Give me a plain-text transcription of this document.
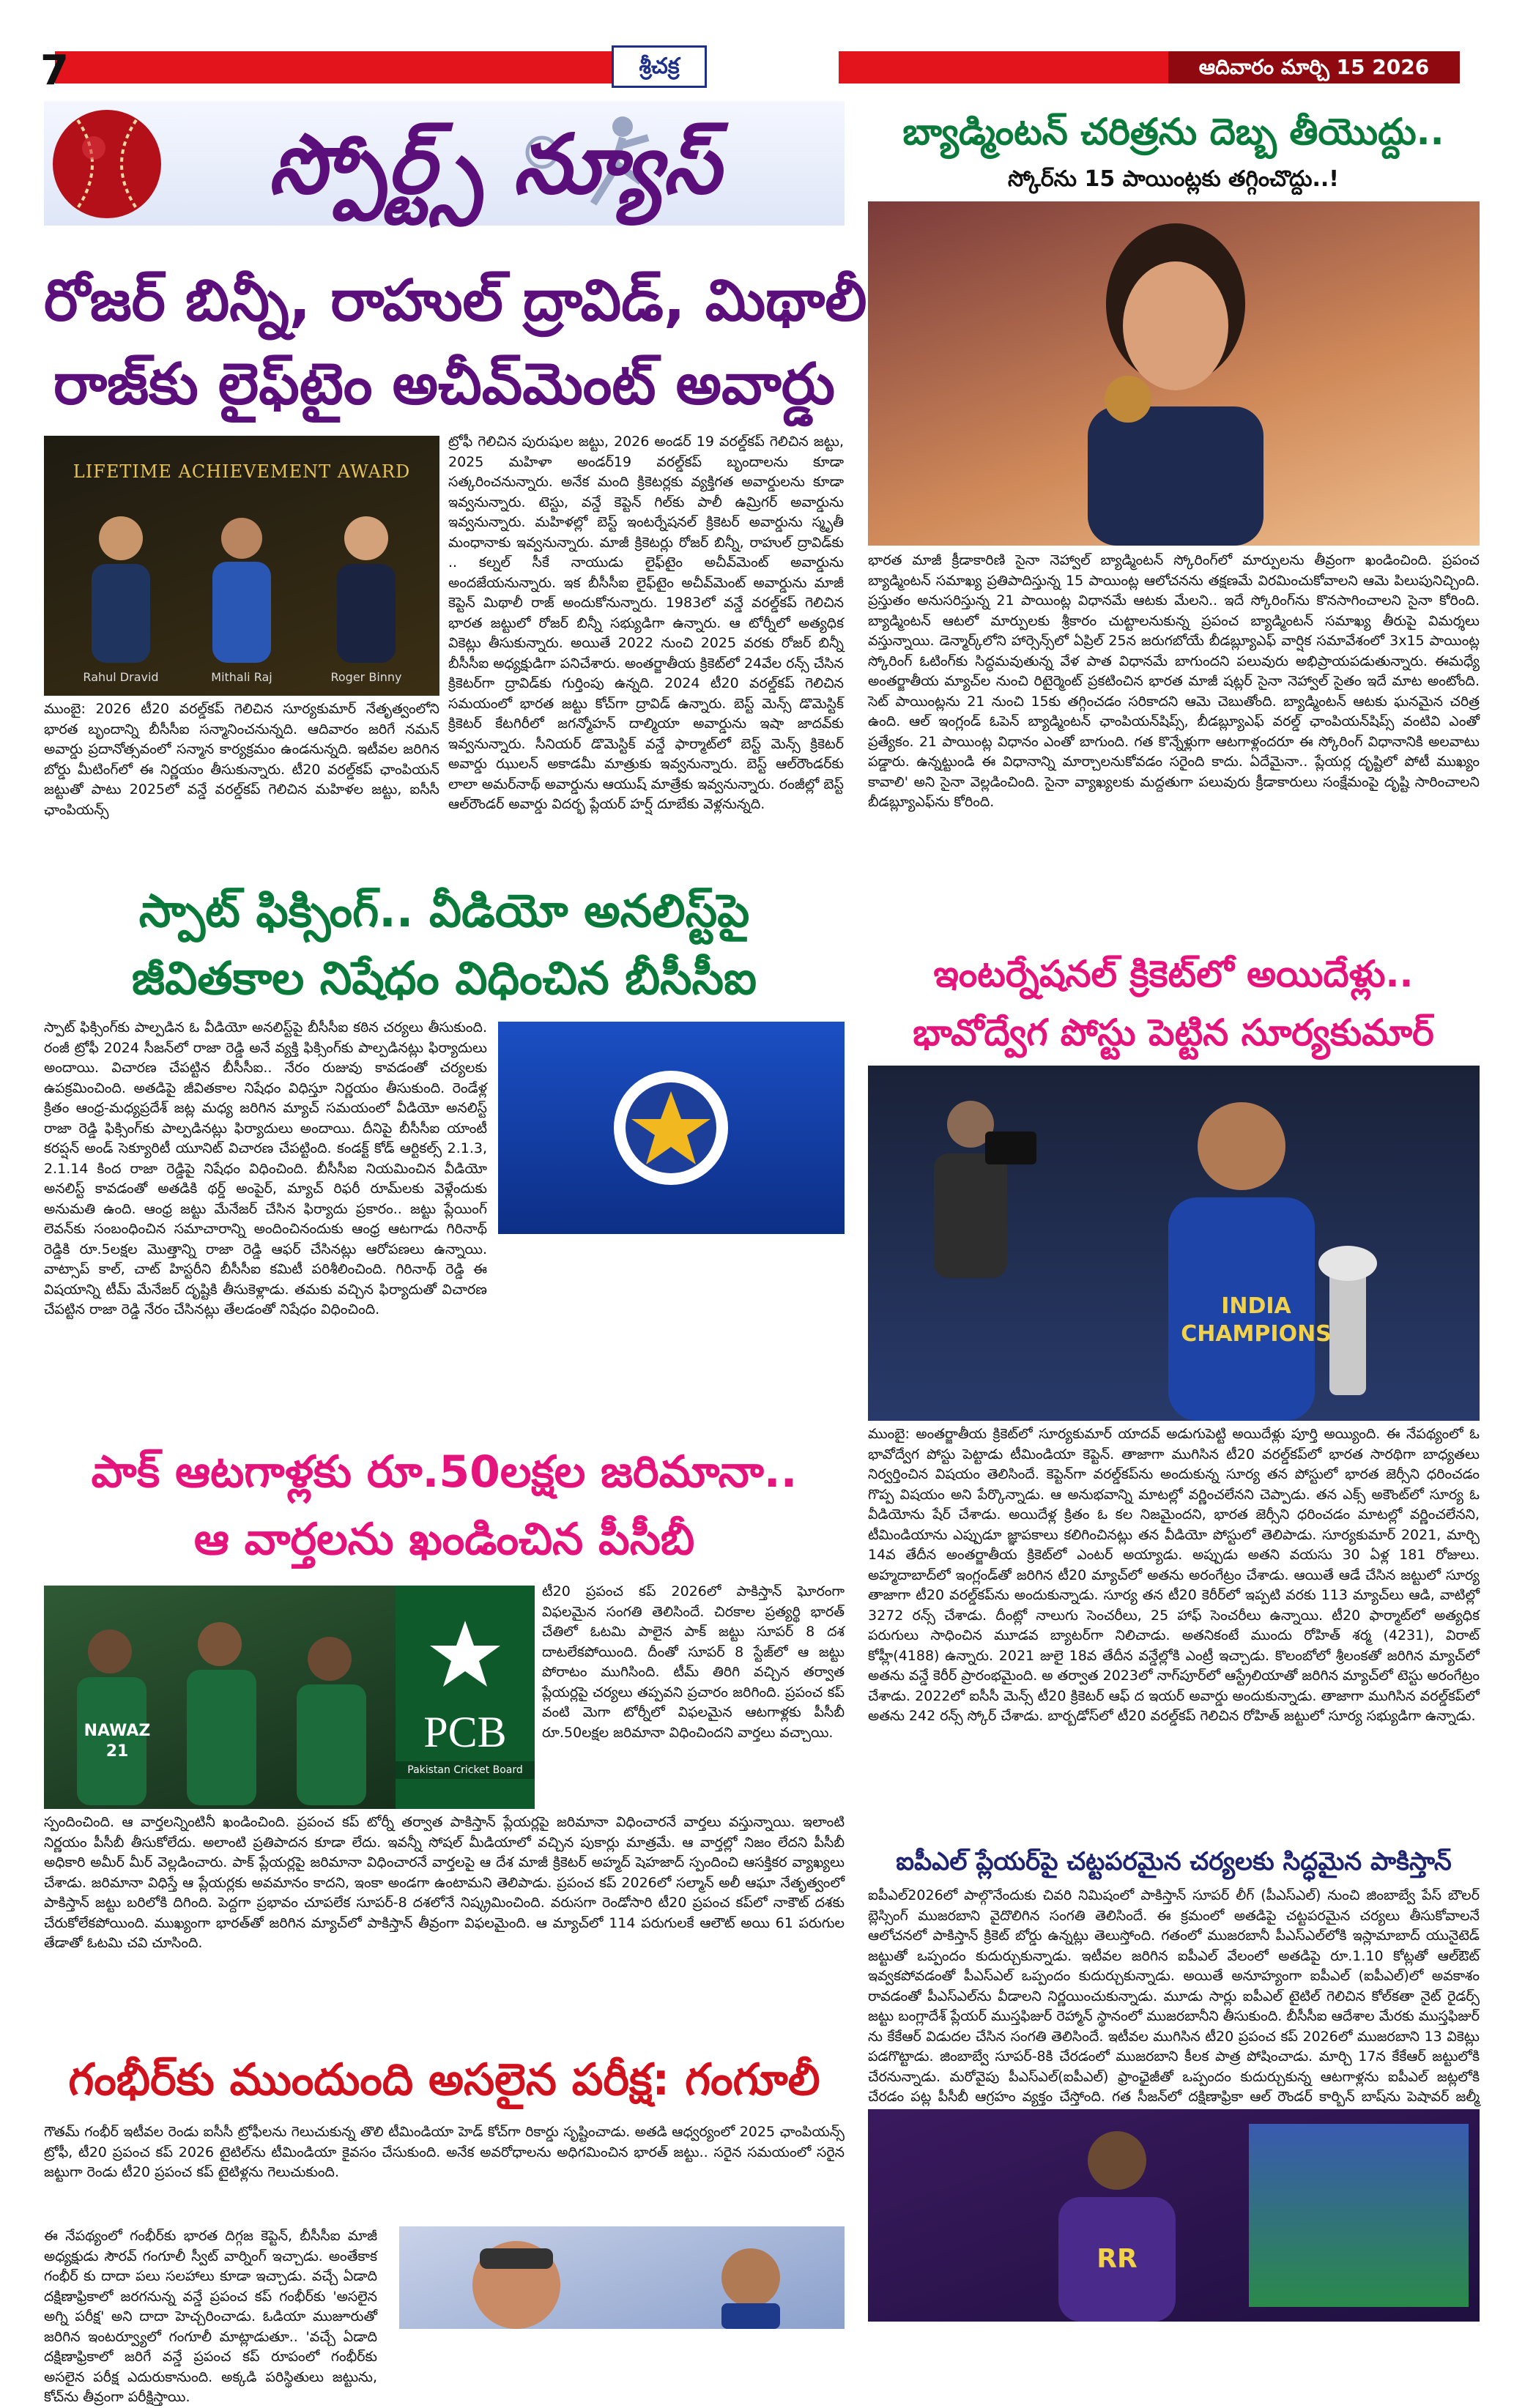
7	శ్రీచక్ర	ఆదివారం మార్చి 15 2026
స్పోర్ట్స్ న్యూస్
రోజర్ బిన్నీ, రాహుల్ ద్రావిడ్, మిథాలీ
రాజ్‌కు లైఫ్‌టైం అచీవ్‌మెంట్ అవార్డు
LIFETIME ACHIEVEMENT AWARD
Rahul Dravid	Mithali Raj	Roger Binny
ట్రోఫీ గెలిచిన పురుషుల జట్టు, 2026 అండర్ 19 వరల్డ్‌కప్ గెలిచిన జట్టు, 2025 మహిళా అండర్‌19 వరల్డ్‌కప్ బృందాలను కూడా సత్కరించనున్నారు. అనేక మంది క్రికెటర్లకు వ్యక్తిగత అవార్డులను కూడా ఇవ్వనున్నారు. టెస్టు, వన్డే కెప్టెన్ గిల్‌కు పాలీ ఉమ్రిగర్ అవార్డును ఇవ్వనున్నారు. మహిళల్లో బెస్ట్ ఇంటర్నేషనల్ క్రికెటర్ అవార్డును స్మృతీ మంధానాకు ఇవ్వనున్నారు. మాజీ క్రికెటర్లు రోజర్ బిన్నీ, రాహుల్ ద్రావిడ్‌కు .. కల్నల్ సీకే నాయుడు లైఫ్‌టైం అచీవ్‌మెంట్ అవార్డును అందజేయనున్నారు. ఇక బీసీసీఐ లైఫ్‌టైం అచీవ్‌మెంట్ అవార్డును మాజీ కెప్టెన్ మిథాలీ రాజ్ అందుకోనున్నారు. 1983లో వన్డే వరల్డ్‌కప్ గెలిచిన భారత జట్టులో రోజర్ బిన్నీ సభ్యుడిగా ఉన్నారు. ఆ టోర్నీలో అత్యధిక వికెట్లు తీసుకున్నారు. అయితే 2022 నుంచి 2025 వరకు రోజర్ బిన్నీ బీసీసీఐ అధ్యక్షుడిగా పనిచేశారు. అంతర్జాతీయ క్రికెట్‌లో 24వేల రన్స్ చేసిన క్రికెటర్‌గా ద్రావిడ్‌కు గుర్తింపు ఉన్నది. 2024 టీ20 వరల్డ్‌కప్ గెలిచిన సమయంలో భారత జట్టు కోచ్‌గా ద్రావిడ్ ఉన్నారు. బెస్ట్ మెన్స్ డొమెస్టిక్ క్రికెటర్ కేటగిరీలో జగన్మోహన్ దాల్మియా అవార్డును ఇషా జాదవ్‌కు ఇవ్వనున్నారు. సీనియర్ డొమెస్టిక్ వన్డే ఫార్మాట్‌లో బెస్ట్ మెన్స్ క్రికెటర్ అవార్డు ఝులన్ అకాడమీ మాత్రుకు ఇవ్వనున్నారు. బెస్ట్ ఆల్‌రౌండర్‌కు లాలా అమర్‌నాథ్ అవార్డును ఆయుష్ మాత్రేకు ఇవ్వనున్నారు. రంజీల్లో బెస్ట్ ఆల్‌రౌండర్ అవార్డు విదర్భ ప్లేయర్ హర్ష్ దూబేకు వెళ్లనున్నది.
ముంబై: 2026 టీ20 వరల్డ్‌కప్ గెలిచిన సూర్యకుమార్ నేతృత్వంలోని భారత బృందాన్ని బీసీసీఐ సన్మానించనున్నది. ఆదివారం జరిగే నమన్ అవార్డు ప్రదానోత్సవంలో సన్మాన కార్యక్రమం ఉండనున్నది. ఇటీవల జరిగిన బోర్డు మీటింగ్‌లో ఈ నిర్ణయం తీసుకున్నారు. టీ20 వరల్డ్‌కప్ ఛాంపియన్ జట్టుతో పాటు 2025లో వన్డే వరల్డ్‌కప్ గెలిచిన మహిళల జట్టు, ఐసీసీ ఛాంపియన్స్
స్పాట్ ఫిక్సింగ్.. వీడియో అనలిస్ట్‌పై
జీవితకాల నిషేధం విధించిన బీసీసీఐ
స్పాట్ ఫిక్సింగ్‌కు పాల్పడిన ఓ వీడియో అనలిస్ట్‌పై బీసీసీఐ కఠిన చర్యలు తీసుకుంది. రంజీ ట్రోఫీ 2024 సీజన్‌లో రాజా రెడ్డి అనే వ్యక్తి ఫిక్సింగ్‌కు పాల్పడినట్లు ఫిర్యాదులు అందాయి. విచారణ చేపట్టిన బీసీసీఐ.. నేరం రుజువు కావడంతో చర్యలకు ఉపక్రమించింది. అతడిపై జీవితకాల నిషేధం విధిస్తూ నిర్ణయం తీసుకుంది. రెండేళ్ల క్రితం ఆంధ్ర-మధ్యప్రదేశ్ జట్ల మధ్య జరిగిన మ్యాచ్ సమయంలో వీడియో అనలిస్ట్ రాజా రెడ్డి ఫిక్సింగ్‌కు పాల్పడినట్లు ఫిర్యాదులు అందాయి. దీనిపై బీసీసీఐ యాంటీ కరప్షన్ అండ్ సెక్యూరిటీ యూనిట్ విచారణ చేపట్టింది. కండక్ట్ కోడ్ ఆర్టికల్స్ 2.1.3, 2.1.14 కింద రాజా రెడ్డిపై నిషేధం విధించింది. బీసీసీఐ నియమించిన వీడియో అనలిస్ట్ కావడంతో అతడికి థర్డ్ అంపైర్, మ్యాచ్ రిఫరీ రూమ్‌లకు వెళ్లేందుకు అనుమతి ఉంది. ఆంధ్ర జట్టు మేనేజర్ చేసిన ఫిర్యాదు ప్రకారం.. జట్టు ప్లేయింగ్ లెవన్‌కు సంబంధించిన సమాచారాన్ని అందించినందుకు ఆంధ్ర ఆటగాడు గిరినాథ్ రెడ్డికి రూ.5లక్షల మొత్తాన్ని రాజా రెడ్డి ఆఫర్ చేసినట్లు ఆరోపణలు ఉన్నాయి. వాట్సాప్ కాల్, చాట్ హిస్టరీని బీసీసీఐ కమిటీ పరిశీలించింది. గిరినాథ్ రెడ్డి ఈ విషయాన్ని టీమ్ మేనేజర్ దృష్టికి తీసుకెళ్లాడు. తమకు వచ్చిన ఫిర్యాదుతో విచారణ చేపట్టిన రాజా రెడ్డి నేరం చేసినట్లు తేలడంతో నిషేధం విధించింది.
పాక్ ఆటగాళ్లకు రూ.50లక్షల జరిమానా..
ఆ వార్తలను ఖండించిన పీసీబీ
NAWAZ 21	PCB
Pakistan Cricket Board
టీ20 ప్రపంచ కప్ 2026లో పాకిస్తాన్ ఘోరంగా విఫలమైన సంగతి తెలిసిందే. చిరకాల ప్రత్యర్థి భారత్ చేతిలో ఓటమి పాలైన పాక్ జట్టు సూపర్ 8 దశ దాటలేకపోయింది. దీంతో సూపర్ 8 స్టేజ్‌లో ఆ జట్టు పోరాటం ముగిసింది. టీమ్ తిరిగి వచ్చిన తర్వాత ప్లేయర్లపై చర్యలు తప్పవని ప్రచారం జరిగింది. ప్రపంచ కప్ వంటి మెగా టోర్నీలో విఫలమైన ఆటగాళ్లకు పీసీబీ రూ.50లక్షల జరిమానా విధించిందని వార్తలు వచ్చాయి.
స్పందించింది. ఆ వార్తలన్నింటినీ ఖండించింది. ప్రపంచ కప్ టోర్నీ తర్వాత పాకిస్తాన్ ప్లేయర్లపై జరిమానా విధించారనే వార్తలు వస్తున్నాయి. ఇలాంటి నిర్ణయం పీసీబీ తీసుకోలేదు. అలాంటి ప్రతిపాదన కూడా లేదు. ఇవన్నీ సోషల్ మీడియాలో వచ్చిన పుకార్లు మాత్రమే. ఆ వార్తల్లో నిజం లేదని పీసీబీ అధికారి అమీర్ మీర్ వెల్లడించారు. పాక్ ప్లేయర్లపై జరిమానా విధించారనే వార్తలపై ఆ దేశ మాజీ క్రికెటర్ అహ్మద్ షెహజాద్ స్పందించి ఆసక్తికర వ్యాఖ్యలు చేశాడు. జరిమానా విధిస్తే ఆ ప్లేయర్లకు అవమానం కాదని, ఇంకా అండగా ఉంటామని తెలిపాడు. ప్రపంచ కప్ 2026లో సల్మాన్ అలీ ఆఘా నేతృత్వంలో పాకిస్తాన్ జట్టు బరిలోకి దిగింది. పెద్దగా ప్రభావం చూపలేక సూపర్-8 దశలోనే నిష్క్రమించింది. వరుసగా రెండోసారి టీ20 ప్రపంచ కప్‌లో నాకౌట్ దశకు చేరుకోలేకపోయింది. ముఖ్యంగా భారత్‌తో జరిగిన మ్యాచ్‌లో పాకిస్తాన్ తీవ్రంగా విఫలమైంది. ఆ మ్యాచ్‌లో 114 పరుగులకే ఆలౌట్ అయి 61 పరుగుల తేడాతో ఓటమి చవి చూసింది.
గంభీర్‌కు ముందుంది అసలైన పరీక్ష: గంగూలీ
గౌతమ్ గంభీర్ ఇటీవల రెండు ఐసీసీ ట్రోఫీలను గెలుచుకున్న తొలి టీమిండియా హెడ్ కోచ్‌గా రికార్డు సృష్టించాడు. అతడి ఆధ్వర్యంలో 2025 ఛాంపియన్స్ ట్రోఫీ, టీ20 ప్రపంచ కప్ 2026 టైటిల్‌ను టీమిండియా కైవసం చేసుకుంది. అనేక అవరోధాలను అధిగమించిన భారత్ జట్టు.. సరైన సమయంలో సరైన జట్టుగా రెండు టీ20 ప్రపంచ కప్ టైటిళ్లను గెలుచుకుంది.
ఈ నేపథ్యంలో గంభీర్‌కు భారత దిగ్గజ కెప్టెన్, బీసీసీఐ మాజీ అధ్యక్షుడు సౌరవ్ గంగూలీ స్వీట్ వార్నింగ్ ఇచ్చాడు. అంతేకాక గంభీర్ కు దాదా పలు సలహాలు కూడా ఇచ్చాడు. వచ్చే ఏడాది దక్షిణాఫ్రికాలో జరగనున్న వన్డే ప్రపంచ కప్ గంభీర్‌కు 'అసలైన అగ్ని పరీక్ష' అని దాదా హెచ్చరించాడు. ఓడియా ముజూరుతో జరిగిన ఇంటర్వ్యూలో గంగూలీ మాట్లాడుతూ.. 'వచ్చే ఏడాది దక్షిణాఫ్రికాలో జరిగే వన్డే ప్రపంచ కప్ రూపంలో గంభీర్‌కు అసలైన పరీక్ష ఎదురుకానుంది. అక్కడి పరిస్థితులు జట్టును, కోచ్‌ను తీవ్రంగా పరీక్షిస్తాయి.
బ్యాడ్మింటన్ చరిత్రను దెబ్బ తీయొద్దు..
స్కోర్‌ను 15 పాయింట్లకు తగ్గించొద్దు..!
భారత మాజీ క్రీడాకారిణి సైనా నెహ్వాల్ బ్యాడ్మింటన్ స్కోరింగ్‌లో మార్పులను తీవ్రంగా ఖండించింది. ప్రపంచ బ్యాడ్మింటన్ సమాఖ్య ప్రతిపాదిస్తున్న 15 పాయింట్ల ఆలోచనను తక్షణమే విరమించుకోవాలని ఆమె పిలుపునిచ్చింది. ప్రస్తుతం అనుసరిస్తున్న 21 పాయింట్ల విధానమే ఆటకు మేలని.. ఇదే స్కోరింగ్‌ను కొనసాగించాలని సైనా కోరింది. బ్యాడ్మింటన్ ఆటలో మార్పులకు శ్రీకారం చుట్టాలనుకున్న ప్రపంచ బ్యాడ్మింటన్ సమాఖ్య తీరుపై విమర్శలు వస్తున్నాయి. డెన్మార్క్‌లోని హార్సెన్స్‌లో ఏప్రిల్ 25న జరుగబోయే బీడబ్ల్యూఎఫ్ వార్షిక సమావేశంలో 3x15 పాయింట్ల స్కోరింగ్ ఓటింగ్‌కు సిద్ధమవుతున్న వేళ పాత విధానమే బాగుందని పలువురు అభిప్రాయపడుతున్నారు. ఈమధ్యే అంతర్జాతీయ మ్యాచ్‌ల నుంచి రిటైర్మెంట్ ప్రకటించిన భారత మాజీ షట్లర్ సైనా నెహ్వాల్ సైతం ఇదే మాట అంటోంది. సెట్ పాయింట్లను 21 నుంచి 15కు తగ్గించడం సరికాదని ఆమె చెబుతోంది. బ్యాడ్మింటన్ ఆటకు ఘనమైన చరిత్ర ఉంది. ఆల్ ఇంగ్లండ్ ఓపెన్ బ్యాడ్మింటన్ ఛాంపియన్‌షిప్స్, బీడబ్ల్యూఎఫ్ వరల్డ్ ఛాంపియన్‌షిప్స్ వంటివి ఎంతో ప్రత్యేకం. 21 పాయింట్ల విధానం ఎంతో బాగుంది. గత కొన్నేళ్లుగా ఆటగాళ్లందరూ ఈ స్కోరింగ్ విధానానికి అలవాటు పడ్డారు. ఉన్నట్టుండి ఈ విధానాన్ని మార్చాలనుకోవడం సరైంది కాదు. ఏదేమైనా.. ప్లేయర్ల దృష్టిలో పోటీ ముఖ్యం కావాలి' అని సైనా వెల్లడించింది. సైనా వ్యాఖ్యలకు మద్దతుగా పలువురు క్రీడాకారులు సంక్షేమంపై దృష్టి సారించాలని బీడబ్ల్యూఎఫ్‌ను కోరింది.
ఇంటర్నేషనల్ క్రికెట్‌లో అయిదేళ్లు..
భావోద్వేగ పోస్టు పెట్టిన సూర్యకుమార్
INDIA CHAMPIONS
ముంబై: అంతర్జాతీయ క్రికెట్‌లో సూర్యకుమార్ యాదవ్ అడుగుపెట్టి అయిదేళ్లు పూర్తి అయ్యింది. ఈ నేపథ్యంలో ఓ భావోద్వేగ పోస్టు పెట్టాడు టీమిండియా కెప్టెన్. తాజాగా ముగిసిన టీ20 వరల్డ్‌కప్‌లో భారత సారథిగా బాధ్యతలు నిర్వర్తించిన విషయం తెలిసిందే. కెప్టెన్‌గా వరల్డ్‌కప్‌ను అందుకున్న సూర్య తన పోస్టులో భారత జెర్సీని ధరించడం గొప్ప విషయం అని పేర్కొన్నాడు. ఆ అనుభవాన్ని మాటల్లో వర్ణించలేనని చెప్పాడు. తన ఎక్స్ అకౌంట్‌లో సూర్య ఓ వీడియోను షేర్ చేశాడు. అయిదేళ్ల క్రితం ఓ కల నిజమైందని, భారత జెర్సీని ధరించడం మాటల్లో వర్ణించలేనని, టీమిండియాను ఎప్పుడూ జ్ఞాపకాలు కలిగించినట్లు తన వీడియో పోస్టులో తెలిపాడు. సూర్యకుమార్ 2021, మార్చి 14వ తేదీన అంతర్జాతీయ క్రికెట్‌లో ఎంటర్ అయ్యాడు. అప్పుడు అతని వయసు 30 ఏళ్ల 181 రోజులు. అహ్మదాబాద్‌లో ఇంగ్లండ్‌తో జరిగిన టీ20 మ్యాచ్‌లో అతను అరంగేట్రం చేశాడు. ఆయితే ఆడే చేసిన జట్టులో సూర్య తాజాగా టీ20 వరల్డ్‌కప్‌ను అందుకున్నాడు. సూర్య తన టీ20 కెరీర్‌లో ఇప్పటి వరకు 113 మ్యాచ్‌లు ఆడి, వాటిల్లో 3272 రన్స్ చేశాడు. దీంట్లో నాలుగు సెంచరీలు, 25 హాఫ్ సెంచరీలు ఉన్నాయి. టీ20 ఫార్మాట్‌లో అత్యధిక పరుగులు సాధించిన మూడవ బ్యాటర్‌గా నిలిచాడు. అతనికంటే ముందు రోహిత్ శర్మ (4231), విరాట్ కోహ్లీ(4188) ఉన్నారు. 2021 జులై 18వ తేదీన వన్డేల్లోకి ఎంట్రీ ఇచ్చాడు. కొలంబోలో శ్రీలంకతో జరిగిన మ్యాచ్‌లో అతను వన్డే కెరీర్ ప్రారంభమైంది. అ తర్వాత 2023లో నాగ్‌పూర్‌లో ఆస్ట్రేలియాతో జరిగిన మ్యాచ్‌లో టెస్టు అరంగేట్రం చేశాడు. 2022లో ఐసీసీ మెన్స్ టీ20 క్రికెటర్ ఆఫ్ ద ఇయర్ అవార్డు అందుకున్నాడు. తాజాగా ముగిసిన వరల్డ్‌కప్‌లో అతను 242 రన్స్ స్కోర్ చేశాడు. బార్బడోస్‌లో టీ20 వరల్డ్‌కప్ గెలిచిన రోహిత్ జట్టులో సూర్య సభ్యుడిగా ఉన్నాడు.
ఐపీఎల్ ప్లేయర్‌పై చట్టపరమైన చర్యలకు సిద్ధమైన పాకిస్తాన్
ఐపీఎల్2026లో పాల్గొనేందుకు చివరి నిమిషంలో పాకిస్తాన్ సూపర్ లీగ్ (పీఎస్ఎల్) నుంచి జింబాబ్వే పేస్ బౌలర్ బ్లెస్సింగ్ ముజరబాని వైదొలిగిన సంగతి తెలిసిందే. ఈ క్రమంలో అతడిపై చట్టపరమైన చర్యలు తీసుకోవాలనే ఆలోచనలో పాకిస్తాన్ క్రికెట్ బోర్డు ఉన్నట్లు తెలుస్తోంది. గతంలో ముజరబానీ పీఎస్ఎల్‌లోకి ఇస్లామాబాద్ యునైటెడ్ జట్టుతో ఒప్పందం కుదుర్చుకున్నాడు. ఇటీవల జరిగిన ఐపీఎల్ వేలంలో అతడిపై రూ.1.10 కోట్లతో ఆల్‌ఔట్ ఇవ్వకపోవడంతో పీఎస్ఎల్ ఒప్పందం కుదుర్చుకున్నాడు. అయితే అనూహ్యంగా ఐపీఎల్ (ఐపీఎల్)లో అవకాశం రావడంతో పీఎస్ఎల్‌ను వీడాలని నిర్ణయించుకున్నాడు. మూడు సార్లు ఐపీఎల్ టైటిల్ గెలిచిన కోల్‌కతా నైట్ రైడర్స్ జట్టు బంగ్లాదేశ్ ప్లేయర్ ముస్తఫిజుర్ రెహ్మాన్ స్థానంలో ముజరబానీని తీసుకుంది. బీసీసీఐ ఆదేశాల మేరకు ముస్తఫిజుర్ ను కేకేఆర్ విడుదల చేసిన సంగతి తెలిసిందే. ఇటీవల ముగిసిన టీ20 ప్రపంచ కప్ 2026లో ముజరబాని 13 వికెట్లు పడగొట్టాడు. జింబాబ్వే సూపర్-8కి చేరడంలో ముజరబాని కీలక పాత్ర పోషించాడు. మార్చి 17న కేకేఆర్ జట్టులోకి చేరనున్నాడు. మరోవైపు పీఎస్ఎల్(ఐపీఎల్) ఫ్రాంఛైజీతో ఒప్పందం కుదుర్చుకున్న ఆటగాళ్లను ఐపీఎల్ జట్లలోకి చేరడం పట్ల పీసీబీ ఆగ్రహం వ్యక్తం చేస్తోంది. గత సీజన్‌లో దక్షిణాఫ్రికా ఆల్ రౌండర్ కార్బిన్ బాష్‌ను పెషావర్ జల్మీ
RR
